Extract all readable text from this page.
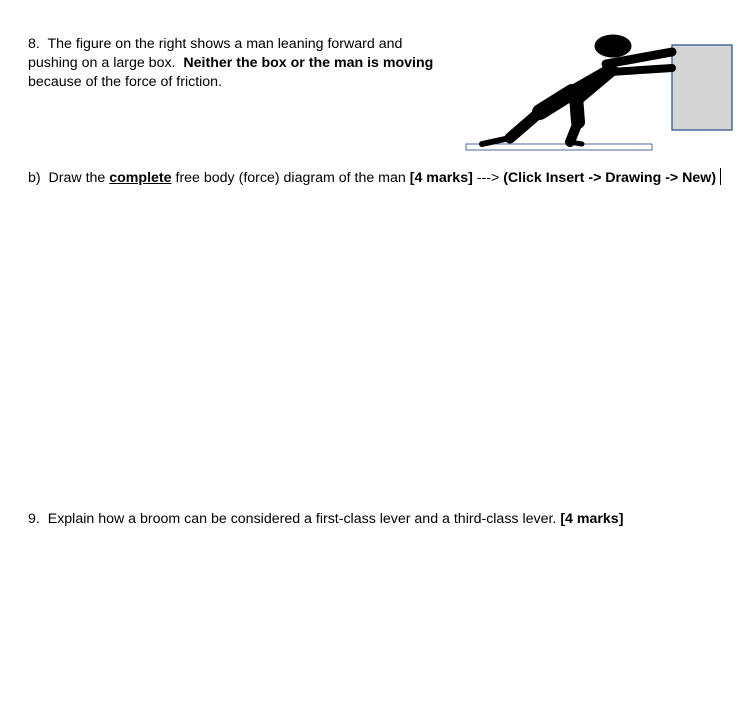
8. The figure on the right shows a man leaning forward and
pushing on a large box. Neither the box or the man is moving
because of the force of friction.
b) Draw the complete free body (force) diagram of the man [4 marks] ---> (Click Insert -> Drawing -> New)
9. Explain how a broom can be considered a first-class lever and a third-class lever. [4 marks]
